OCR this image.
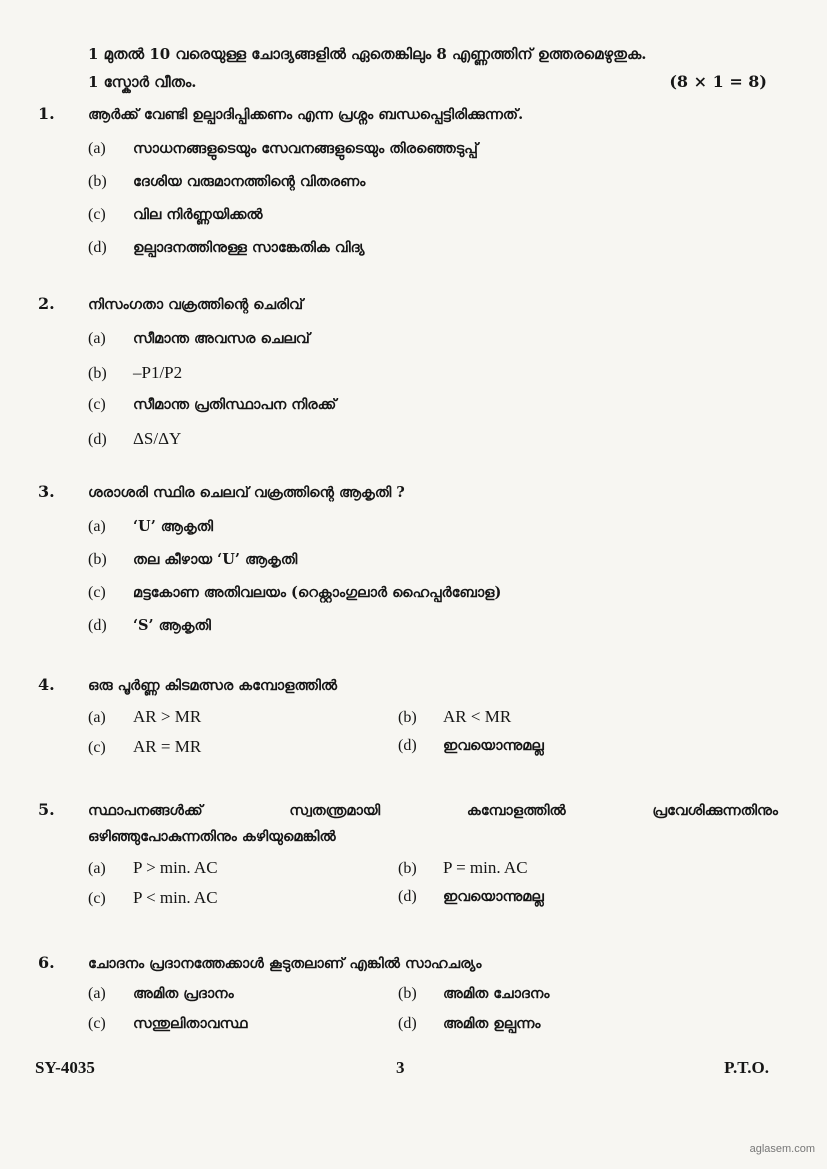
1 മുതൽ 10 വരെയുള്ള ചോദ്യങ്ങളിൽ ഏതെങ്കിലും 8 എണ്ണത്തിന് ഉത്തരമെഴുതുക.
1 സ്കോർ വീതം.	(8 × 1 = 8)
1.	ആർക്ക് വേണ്ടി ഉല്പാദിപ്പിക്കണം എന്ന പ്രശ്നം ബന്ധപ്പെട്ടിരിക്കുന്നത്.
(a)	സാധനങ്ങളുടെയും സേവനങ്ങളുടെയും തിരഞ്ഞെടുപ്പ്
(b)	ദേശിയ വരുമാനത്തിന്റെ വിതരണം
(c)	വില നിർണ്ണയിക്കൽ
(d)	ഉല്പാദനത്തിനുള്ള സാങ്കേതിക വിദ്യ
2.	നിസംഗതാ വക്രത്തിന്റെ ചെരിവ്
(a)	സീമാന്ത അവസര ചെലവ്
(b)	–P1/P2
(c)	സീമാന്ത പ്രതിസ്ഥാപന നിരക്ക്
(d)	ΔS/ΔY
3.	ശരാശരി സ്ഥിര ചെലവ് വക്രത്തിന്റെ ആകൃതി ?
(a)	‘U’ ആകൃതി
(b)	തല കീഴായ ‘U’ ആകൃതി
(c)	മട്ടകോണ അതിവലയം (റെക്റ്റാംഗുലാർ ഹൈപ്പർബോള)
(d)	‘S’ ആകൃതി
4.	ഒരു പൂർണ്ണ കിടമത്സര കമ്പോളത്തിൽ
(a)	AR > MR	(b)	AR < MR
(c)	AR = MR	(d)	ഇവയൊന്നുമല്ല
5.	സ്ഥാപനങ്ങൾക്ക്	സ്വതന്ത്രമായി	കമ്പോളത്തിൽ	പ്രവേശിക്കുന്നതിനും
ഒഴിഞ്ഞുപോകുന്നതിനും കഴിയുമെങ്കിൽ
(a)	P > min. AC	(b)	P = min. AC
(c)	P < min. AC	(d)	ഇവയൊന്നുമല്ല
6.	ചോദനം പ്രദാനത്തേക്കാൾ കൂടുതലാണ് എങ്കിൽ സാഹചര്യം
(a)	അമിത പ്രദാനം	(b)	അമിത ചോദനം
(c)	സന്തുലിതാവസ്ഥ	(d)	അമിത ഉല്പന്നം
SY-4035	3	P.T.O.
aglasem.com
